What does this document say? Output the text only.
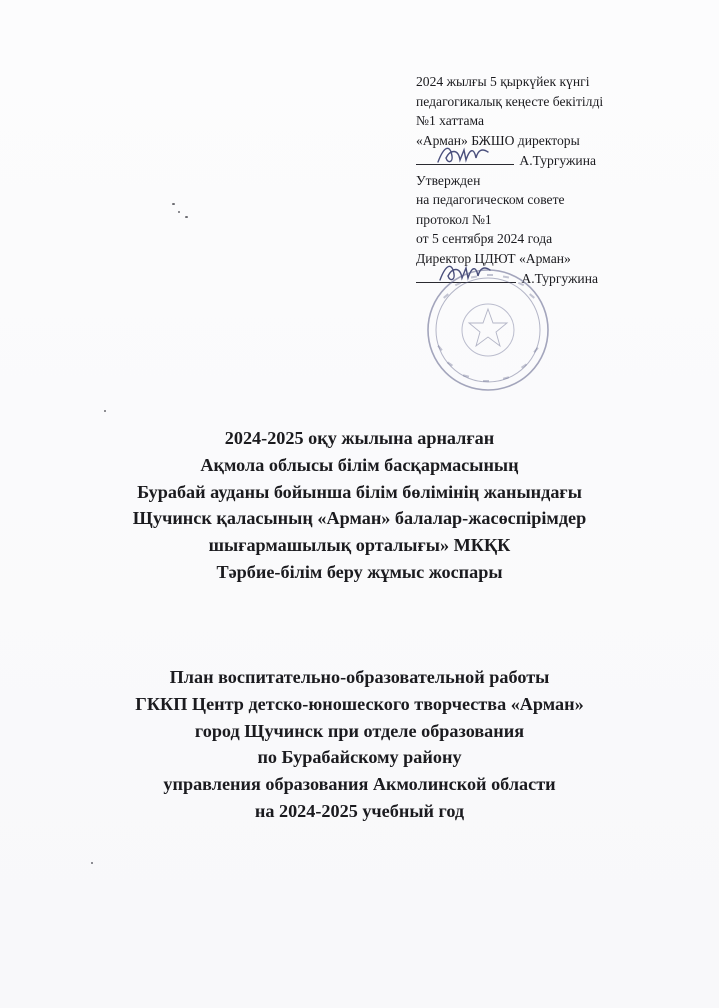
2024 жылғы 5 қыркүйек күнгі
педагогикалық кеңесте бекітілді
№1 хаттама
«Арман» БЖШО директоры
А.Тургужина
Утвержден
на педагогическом совете
протокол №1
от 5 сентября 2024 года
Директор ЦДЮТ «Арман»
А.Тургужина
2024-2025 оқу жылына арналған
Ақмола облысы білім басқармасының
Бурабай ауданы бойынша білім бөлімінің жанындағы
Щучинск қаласының «Арман» балалар-жасөспірімдер
шығармашылық орталығы» МКҚК
Тәрбие-білім беру жұмыс жоспары
План воспитательно-образовательной работы
ГККП Центр детско-юношеского творчества «Арман»
город Щучинск при отделе образования
по Бурабайскому району
управления образования Акмолинской области
на 2024-2025 учебный год
